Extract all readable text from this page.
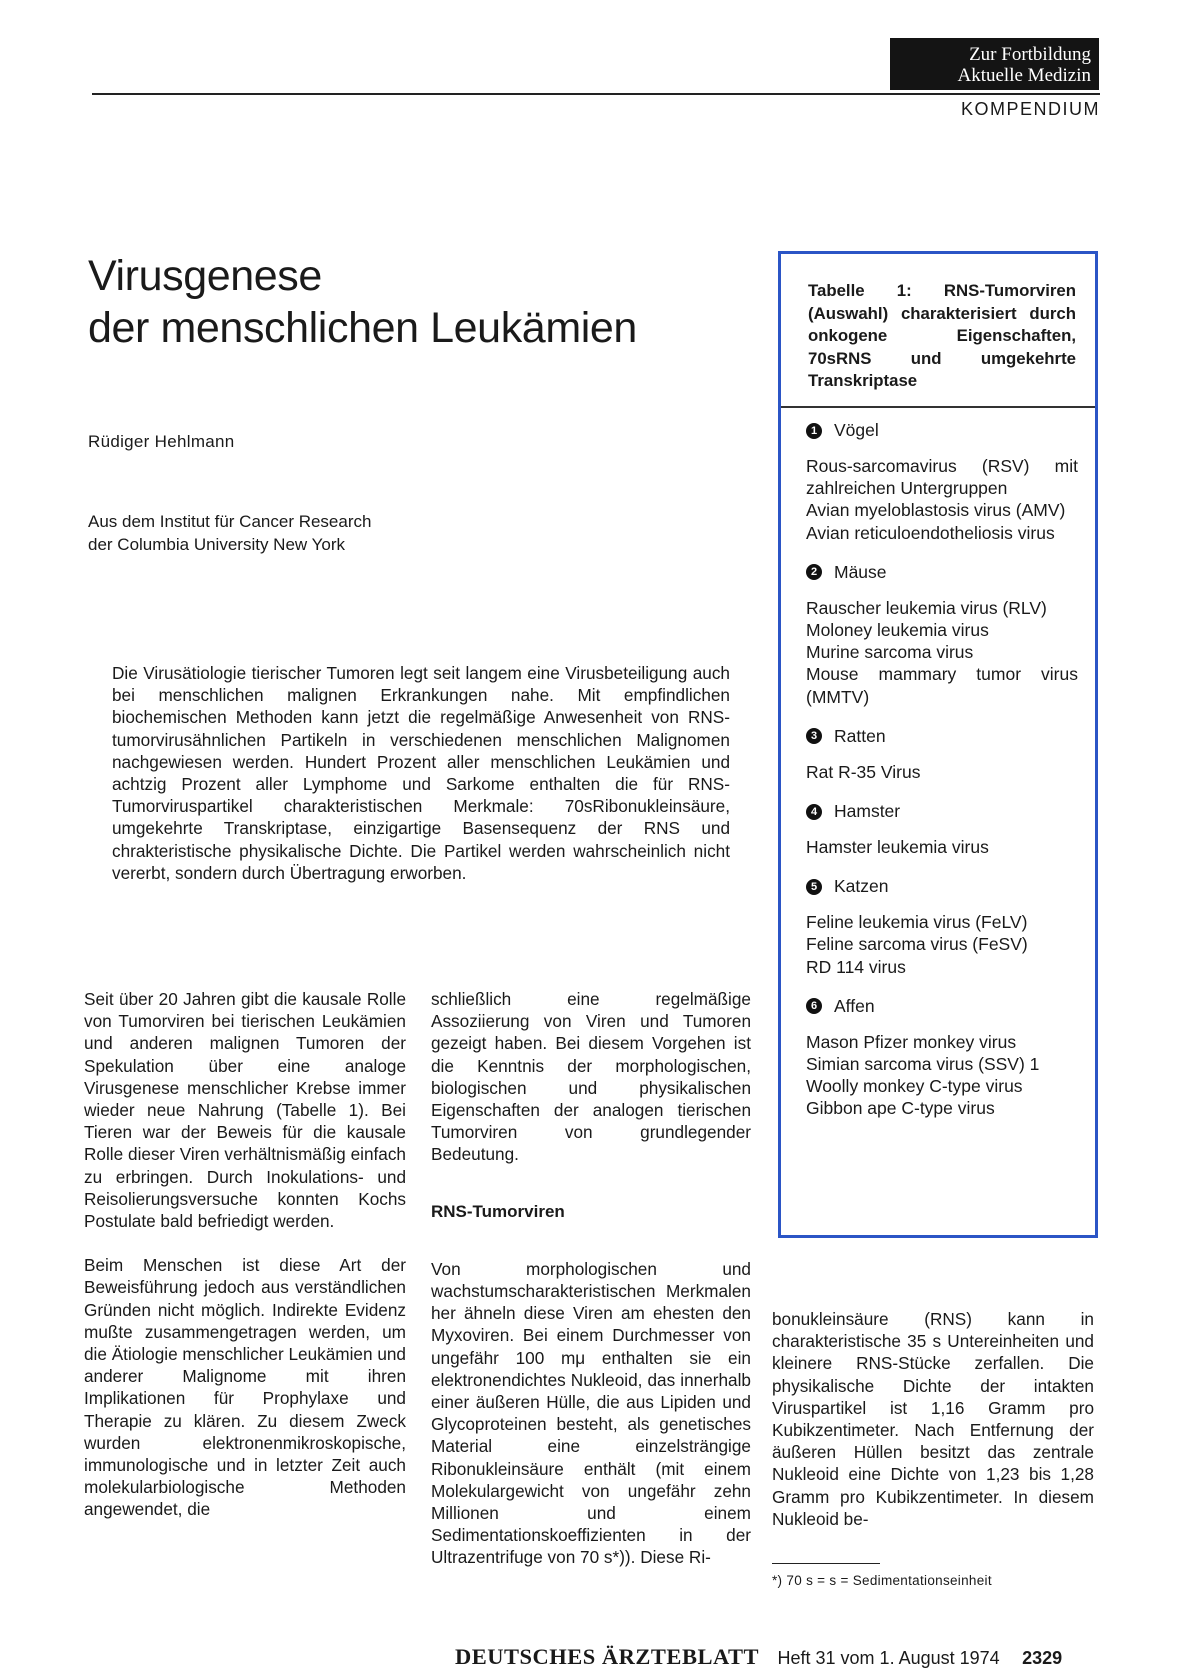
Zur Fortbildung
Aktuelle Medizin
KOMPENDIUM
Virusgenese
der menschlichen Leukämien
Rüdiger Hehlmann
Aus dem Institut für Cancer Research
der Columbia University New York
Die Virusätiologie tierischer Tumoren legt seit langem eine Virusbeteiligung auch bei menschlichen malignen Erkrankungen nahe. Mit empfindlichen biochemischen Methoden kann jetzt die regelmäßige Anwesenheit von RNS-tumorvirusähnlichen Partikeln in verschiedenen menschlichen Malignomen nachgewiesen werden. Hundert Prozent aller menschlichen Leukämien und achtzig Prozent aller Lymphome und Sarkome enthalten die für RNS-Tumorviruspartikel charakteristischen Merkmale: 70sRibonukleinsäure, umgekehrte Transkriptase, einzigartige Basensequenz der RNS und chrakteristische physikalische Dichte. Die Partikel werden wahrscheinlich nicht vererbt, sondern durch Übertragung erworben.

Seit über 20 Jahren gibt die kausale Rolle von Tumorviren bei tierischen Leukämien und anderen malignen Tumoren der Spekulation über eine analoge Virusgenese menschlicher Krebse immer wieder neue Nahrung (Tabelle 1). Bei Tieren war der Beweis für die kausale Rolle dieser Viren verhältnismäßig einfach zu erbringen. Durch Inokulations- und Reisolierungsversuche konnten Kochs Postulate bald befriedigt werden.

Beim Menschen ist diese Art der Beweisführung jedoch aus verständlichen Gründen nicht möglich. Indirekte Evidenz mußte zusammengetragen werden, um die Ätiologie menschlicher Leukämien und anderer Malignome mit ihren Implikationen für Prophylaxe und Therapie zu klären. Zu diesem Zweck wurden elektronenmikroskopische, immunologische und in letzter Zeit auch molekularbiologische Methoden angewendet, die

schließlich eine regelmäßige Assoziierung von Viren und Tumoren gezeigt haben. Bei diesem Vorgehen ist die Kenntnis der morphologischen, biologischen und physikalischen Eigenschaften der analogen tierischen Tumorviren von grundlegender Bedeutung.

RNS-Tumorviren

Von morphologischen und wachstumscharakteristischen Merkmalen her ähneln diese Viren am ehesten den Myxoviren. Bei einem Durchmesser von ungefähr 100 mμ enthalten sie ein elektronendichtes Nukleoid, das innerhalb einer äußeren Hülle, die aus Lipiden und Glycoproteinen besteht, als genetisches Material eine einzelsträngige Ribonukleinsäure enthält (mit einem Molekulargewicht von ungefähr zehn Millionen und einem Sedimentationskoeffizienten in der Ultrazentrifuge von 70 s*)). Diese Ri-

bonukleinsäure (RNS) kann in charakteristische 35 s Untereinheiten und kleinere RNS-Stücke zerfallen. Die physikalische Dichte der intakten Viruspartikel ist 1,16 Gramm pro Kubikzentimeter. Nach Entfernung der äußeren Hüllen besitzt das zentrale Nukleoid eine Dichte von 1,23 bis 1,28 Gramm pro Kubikzentimeter. In diesem Nukleoid be-

*) 70 s = s = Sedimentationseinheit
Tabelle 1: RNS-Tumorviren (Auswahl) charakterisiert durch onkogene Eigenschaften, 70sRNS und umgekehrte Transkriptase
1 Vögel
Rous-sarcomavirus (RSV) mit zahlreichen Untergruppen
Avian myeloblastosis virus (AMV)
Avian reticuloendotheliosis virus
2 Mäuse
Rauscher leukemia virus (RLV)
Moloney leukemia virus
Murine sarcoma virus
Mouse mammary tumor virus (MMTV)
3 Ratten
Rat R-35 Virus
4 Hamster
Hamster leukemia virus
5 Katzen
Feline leukemia virus (FeLV)
Feline sarcoma virus (FeSV)
RD 114 virus
6 Affen
Mason Pfizer monkey virus
Simian sarcoma virus (SSV) 1
Woolly monkey C-type virus
Gibbon ape C-type virus
DEUTSCHES ÄRZTEBLATT Heft 31 vom 1. August 1974 2329
